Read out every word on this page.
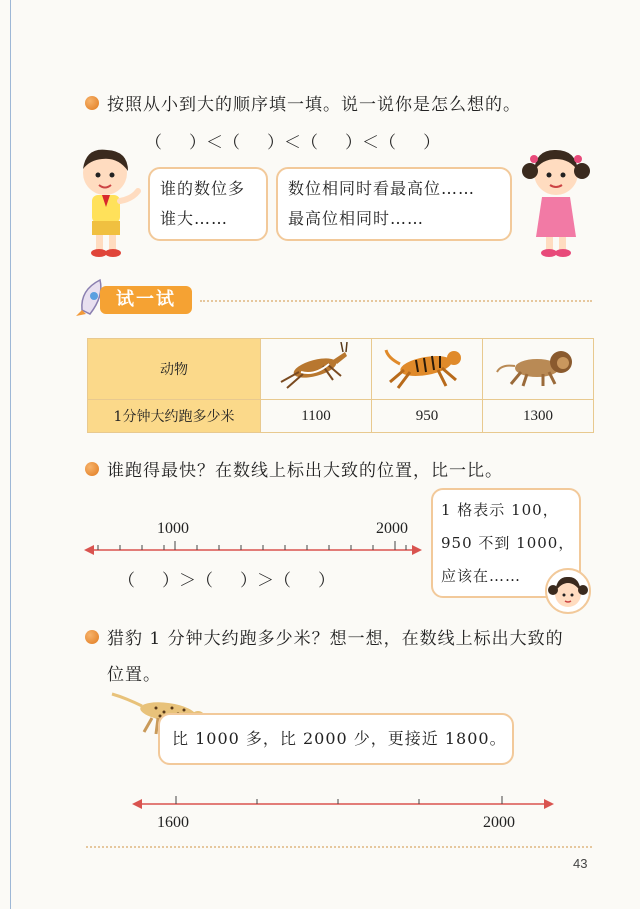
按照从小到大的顺序填一填。说一说你是怎么想的。
（     ）＜（     ）＜（     ）＜（     ）
谁的数位多
谁大……
数位相同时看最高位……
最高位相同时……
试一试
动物			
1分钟大约跑多少米	1100	950	1300
谁跑得最快？在数线上标出大致的位置，比一比。
1000	2000
（     ）＞（     ）＞（     ）
1 格表示 100，
950 不到 1000，
应该在……
猎豹 1 分钟大约跑多少米？想一想，在数线上标出大致的
位置。
比 1000 多，比 2000 少，更接近 1800。
1600	2000
43
